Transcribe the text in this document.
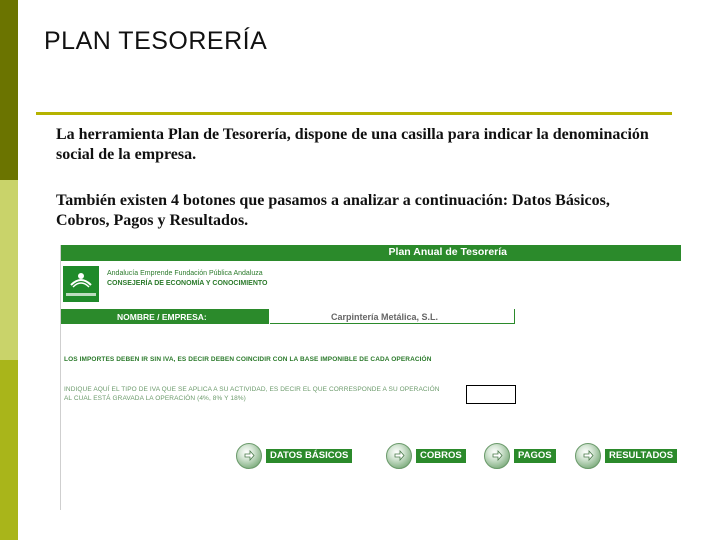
PLAN TESORERÍA
La herramienta Plan de Tesorería, dispone de una casilla para indicar la denominación social de la empresa.
También existen 4 botones que pasamos a analizar a continuación: Datos Básicos, Cobros, Pagos y Resultados.
Plan Anual de Tesorería
Andalucía Emprende Fundación Pública Andaluza
CONSEJERÍA DE ECONOMÍA Y CONOCIMIENTO
NOMBRE / EMPRESA:	Carpintería Metálica, S.L.
LOS IMPORTES DEBEN IR SIN IVA, ES DECIR DEBEN COINCIDIR CON LA BASE IMPONIBLE DE CADA OPERACIÓN
INDIQUE AQUÍ EL TIPO DE IVA QUE SE APLICA A SU ACTIVIDAD, ES DECIR EL QUE CORRESPONDE A SU OPERACIÓN
AL CUAL ESTÁ GRAVADA LA OPERACIÓN (4%, 8% Y 18%)
DATOS BÁSICOS	COBROS	PAGOS	RESULTADOS
